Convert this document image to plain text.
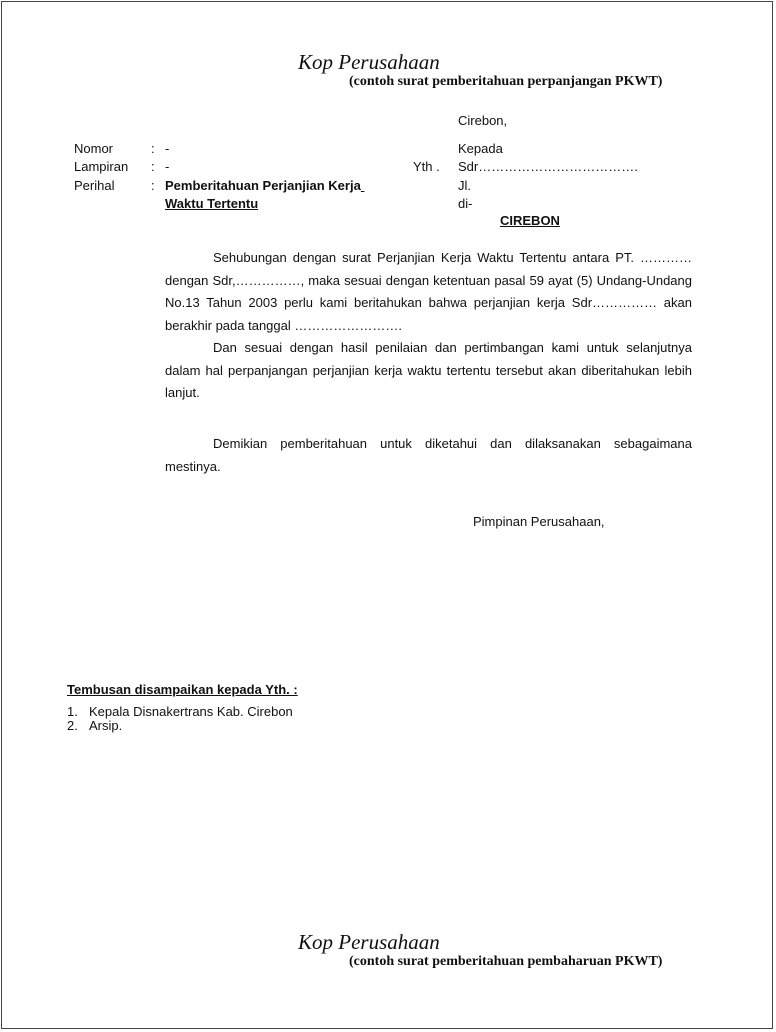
Kop Perusahaan
(contoh surat pemberitahuan perpanjangan PKWT)
Cirebon,
Nomor	: -
Lampiran : -
Perihal	: Pemberitahuan Perjanjian Kerja
Waktu Tertentu
Yth .
Kepada
Sdr……………………………….
Jl.
di-
CIREBON
Sehubungan dengan surat Perjanjian Kerja Waktu Tertentu antara PT. ………… dengan Sdr,……………, maka sesuai dengan ketentuan pasal 59 ayat (5) Undang-Undang No.13 Tahun 2003 perlu kami beritahukan bahwa perjanjian kerja Sdr…………… akan berakhir pada tanggal …………………….
Dan sesuai dengan hasil penilaian dan pertimbangan kami untuk selanjutnya dalam hal perpanjangan perjanjian kerja waktu tertentu tersebut akan diberitahukan lebih lanjut.
Demikian pemberitahuan untuk diketahui dan dilaksanakan sebagaimana mestinya.
Pimpinan Perusahaan,
Tembusan disampaikan kepada Yth. :
1. Kepala Disnakertrans Kab. Cirebon
2. Arsip.
Kop Perusahaan
(contoh surat pemberitahuan pembaharuan PKWT)
